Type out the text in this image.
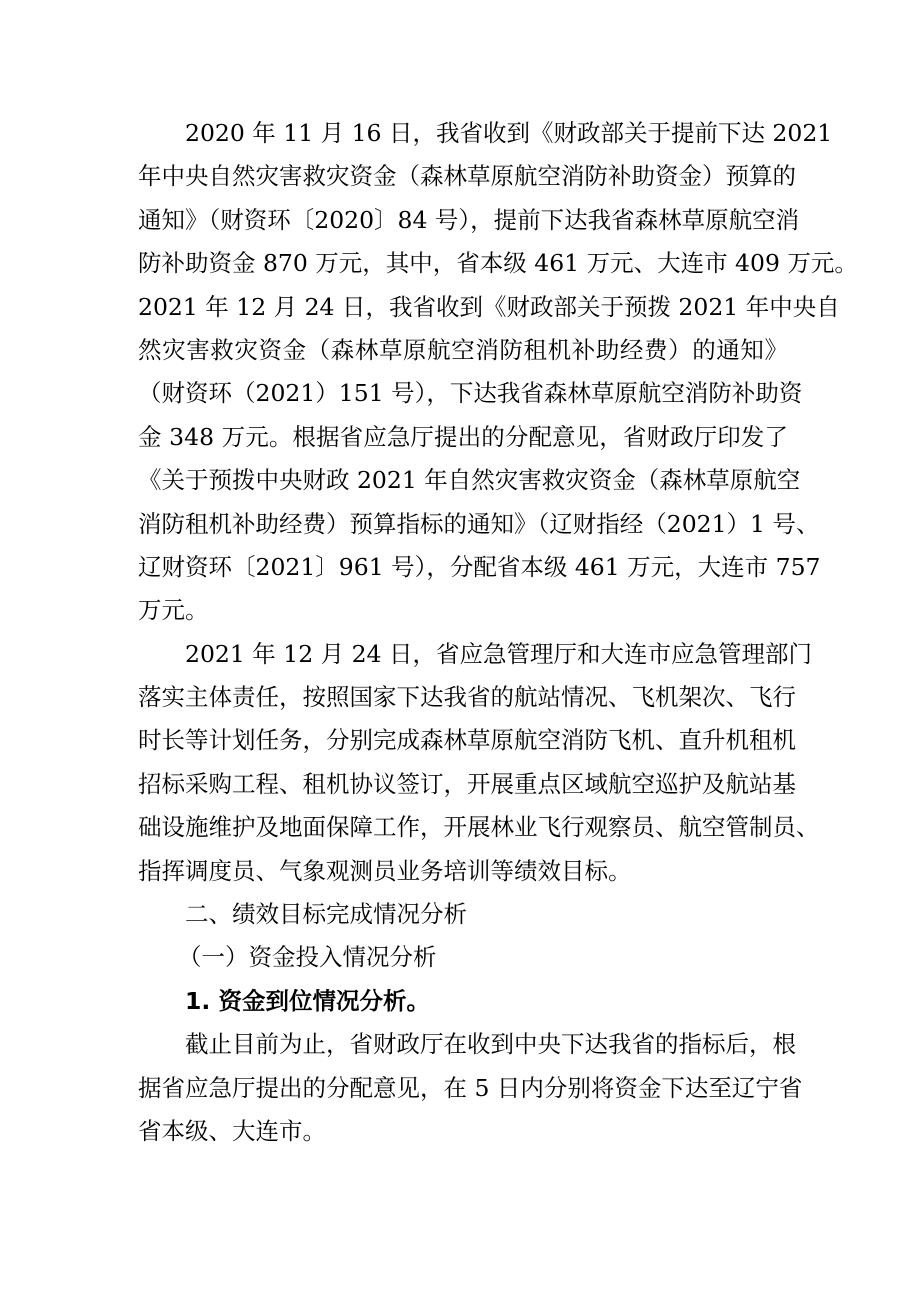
2020 年 11 月 16 日，我省收到《财政部关于提前下达 2021
年中央自然灾害救灾资金（森林草原航空消防补助资金）预算的
通知》（财资环〔2020〕84 号），提前下达我省森林草原航空消
防补助资金 870 万元，其中，省本级 461 万元、大连市 409 万元。
2021 年 12 月 24 日，我省收到《财政部关于预拨 2021 年中央自
然灾害救灾资金（森林草原航空消防租机补助经费）的通知》
（财资环（2021）151 号），下达我省森林草原航空消防补助资
金 348 万元。根据省应急厅提出的分配意见，省财政厅印发了
《关于预拨中央财政 2021 年自然灾害救灾资金（森林草原航空
消防租机补助经费）预算指标的通知》（辽财指经（2021）1 号、
辽财资环〔2021〕961 号），分配省本级 461 万元，大连市 757
万元。
2021 年 12 月 24 日，省应急管理厅和大连市应急管理部门
落实主体责任，按照国家下达我省的航站情况、飞机架次、飞行
时长等计划任务，分别完成森林草原航空消防飞机、直升机租机
招标采购工程、租机协议签订，开展重点区域航空巡护及航站基
础设施维护及地面保障工作，开展林业飞行观察员、航空管制员、
指挥调度员、气象观测员业务培训等绩效目标。
二、绩效目标完成情况分析
（一）资金投入情况分析
1. 资金到位情况分析。
截止目前为止，省财政厅在收到中央下达我省的指标后，根
据省应急厅提出的分配意见，在 5 日内分别将资金下达至辽宁省
省本级、大连市。
